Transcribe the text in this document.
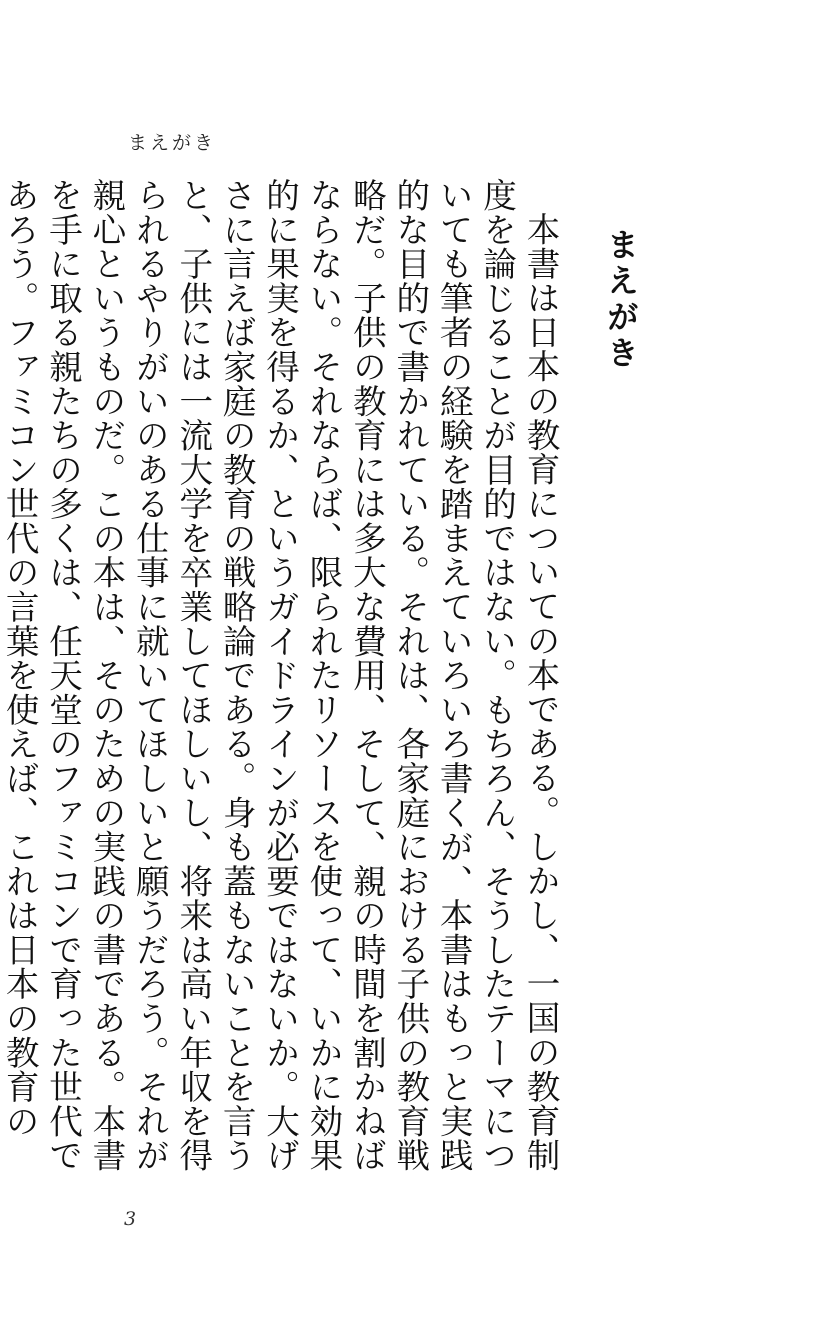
まえがき
まえがき

本書は日本の教育についての本である。しかし、一国の教育制度を論じることが目的ではない。もちろん、そうしたテーマについても筆者の経験を踏まえていろいろ書くが、本書はもっと実践的な目的で書かれている。それは、各家庭における子供の教育戦略だ。子供の教育には多大な費用、そして、親の時間を割かねばならない。それならば、限られたリソースを使って、いかに効果的に果実を得るか、というガイドラインが必要ではないか。大げさに言えば家庭の教育の戦略論である。身も蓋もないことを言うと、子供には一流大学を卒業してほしいし、将来は高い年収を得られるやりがいのある仕事に就いてほしいと願うだろう。それが親心というものだ。この本は、そのための実践の書である。本書を手に取る親たちの多くは、任天堂のファミコンで育った世代であろう。ファミコン世代の言葉を使えば、これは日本の教育の

3
